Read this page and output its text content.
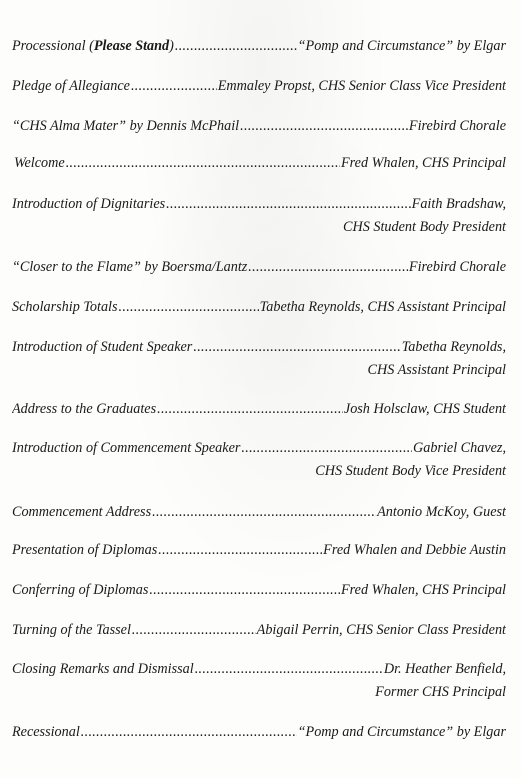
Processional (Please Stand) .....	“Pomp and Circumstance” by Elgar
Pledge of Allegiance .....	Emmaley Propst, CHS Senior Class Vice President
“CHS Alma Mater” by Dennis McPhail .....	Firebird Chorale
Welcome .....	Fred Whalen, CHS Principal
Introduction of Dignitaries .....	Faith Bradshaw,
CHS Student Body President
“Closer to the Flame” by Boersma/Lantz .....	Firebird Chorale
Scholarship Totals .....	Tabetha Reynolds, CHS Assistant Principal
Introduction of Student Speaker .....	Tabetha Reynolds,
CHS Assistant Principal
Address to the Graduates .....	Josh Holsclaw, CHS Student
Introduction of Commencement Speaker .....	Gabriel Chavez,
CHS Student Body Vice President
Commencement Address .....	Antonio McKoy, Guest
Presentation of Diplomas .....	Fred Whalen and Debbie Austin
Conferring of Diplomas .....	Fred Whalen, CHS Principal
Turning of the Tassel .....	Abigail Perrin, CHS Senior Class President
Closing Remarks and Dismissal .....	Dr. Heather Benfield,
Former CHS Principal
Recessional .....	“Pomp and Circumstance” by Elgar
